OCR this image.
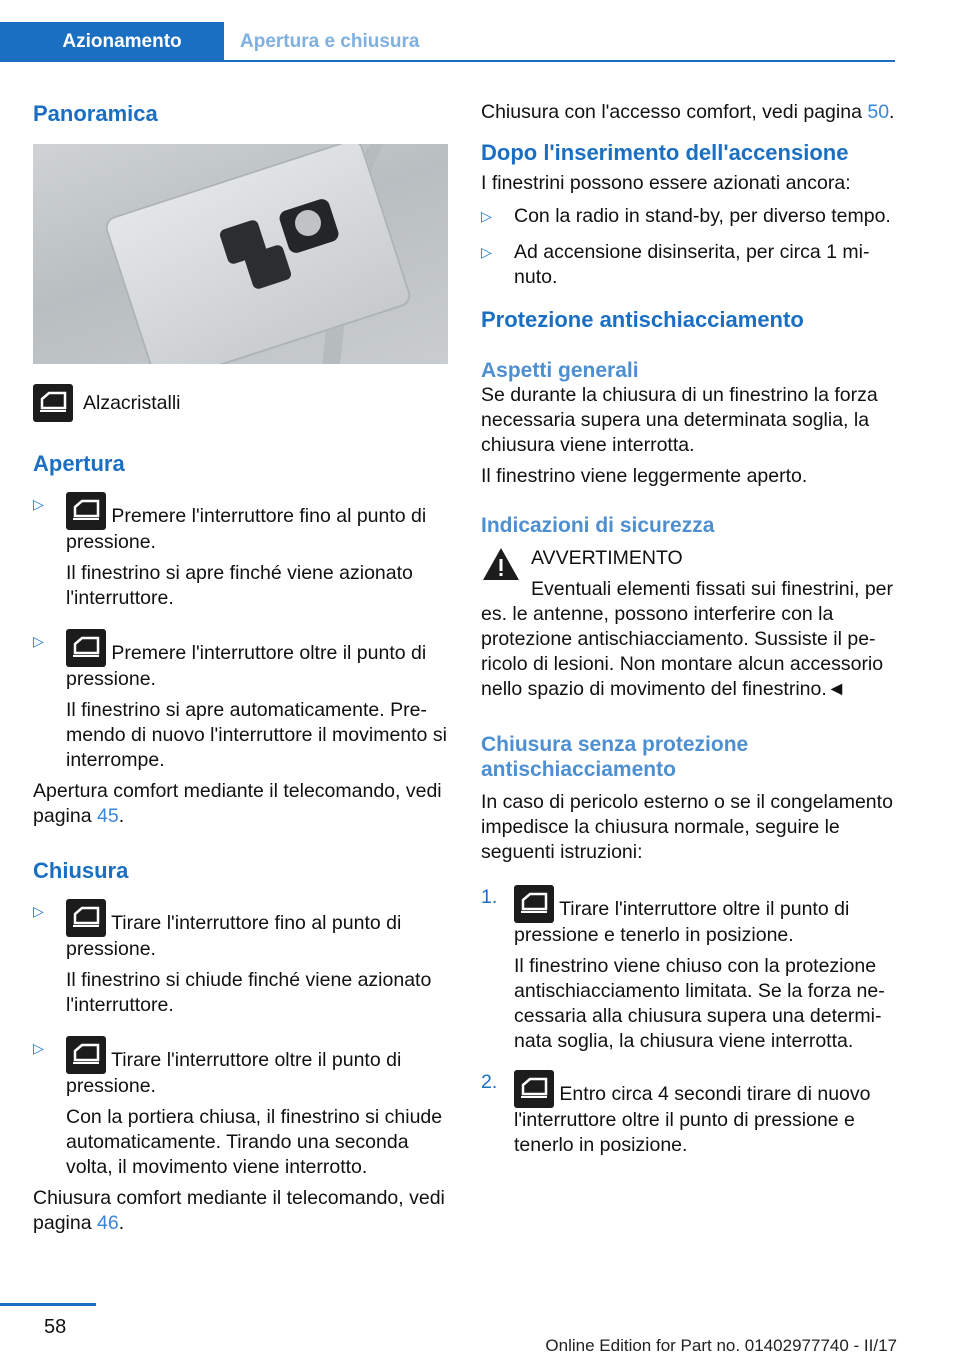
Azionamento	Apertura e chiusura
Panoramica
Alzacristalli
Apertura
▷

Premere l'interruttore fino al punto di pressione.

Il finestrino si apre finché viene azionato l'interruttore.

▷

Premere l'interruttore oltre il punto di pressione.

Il finestrino si apre automaticamente. Premendo di nuovo l'interruttore il movimento si interrompe.

Apertura comfort mediante il telecomando, vedi pagina 45.

Chiusura
▷

Tirare l'interruttore fino al punto di pressione.

Il finestrino si chiude finché viene azionato l'interruttore.

▷

Tirare l'interruttore oltre il punto di pressione.

Con la portiera chiusa, il finestrino si chiude automaticamente. Tirando una seconda volta, il movimento viene interrotto.

Chiusura comfort mediante il telecomando, vedi pagina 46.

Chiusura con l'accesso comfort, vedi pagina 50.

Dopo l'inserimento dell'accensione

I finestrini possono essere azionati ancora:

▷ Con la radio in stand-by, per diverso tempo.
▷ Ad accensione disinserita, per circa 1 minuto.
Protezione antischiacciamento
Aspetti generali

Se durante la chiusura di un finestrino la forza necessaria supera una determinata soglia, la chiusura viene interrotta.

Il finestrino viene leggermente aperto.

Indicazioni di sicurezza

AVVERTIMENTO

Eventuali elementi fissati sui finestrini, per es. le antenne, possono interferire con la protezione antischiacciamento. Sussiste il pericolo di lesioni. Non montare alcun accessorio nello spazio di movimento del finestrino.◄

Chiusura senza protezione antischiacciamento

In caso di pericolo esterno o se il congelamento impedisce la chiusura normale, seguire le seguenti istruzioni:

1.

Tirare l'interruttore oltre il punto di pressione e tenerlo in posizione.

Il finestrino viene chiuso con la protezione antischiacciamento limitata. Se la forza necessaria alla chiusura supera una determinata soglia, la chiusura viene interrotta.

2.

Entro circa 4 secondi tirare di nuovo l'interruttore oltre il punto di pressione e tenerlo in posizione.

58
Online Edition for Part no. 01402977740 - II/17
